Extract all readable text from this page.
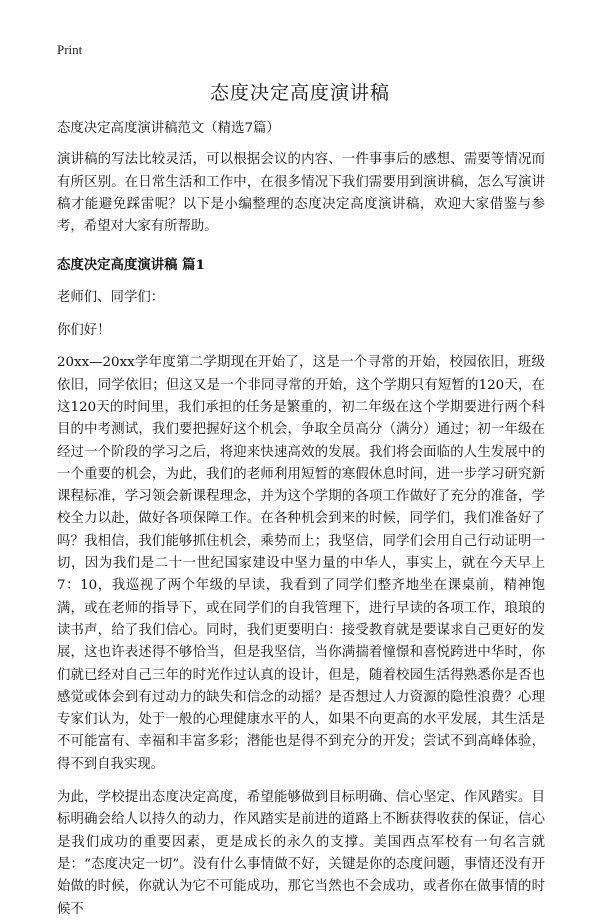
Print
态度决定高度演讲稿

态度决定高度演讲稿范文（精选7篇）

演讲稿的写法比较灵活，可以根据会议的内容、一件事事后的感想、需要等情况而有所区别。在日常生活和工作中，在很多情况下我们需要用到演讲稿，怎么写演讲稿才能避免踩雷呢？以下是小编整理的态度决定高度演讲稿，欢迎大家借鉴与参考，希望对大家有所帮助。

态度决定高度演讲稿 篇1

老师们、同学们：

你们好！

20xx—20xx学年度第二学期现在开始了，这是一个寻常的开始，校园依旧，班级依旧，同学依旧；但这又是一个非同寻常的开始，这个学期只有短暂的120天，在这120天的时间里，我们承担的任务是繁重的，初二年级在这个学期要进行两个科目的中考测试，我们要把握好这个机会，争取全员高分（满分）通过；初一年级在经过一个阶段的学习之后，将迎来快速高效的发展。我们将会面临的人生发展中的一个重要的机会，为此，我们的老师利用短暂的寒假休息时间，进一步学习研究新课程标准，学习领会新课程理念，并为这个学期的各项工作做好了充分的准备，学校全力以赴，做好各项保障工作。在各种机会到来的时候，同学们，我们准备好了吗？我相信，我们能够抓住机会，乘势而上；我坚信，同学们会用自己行动证明一切，因为我们是二十一世纪国家建设中坚力量的中华人，事实上，就在今天早上7：10，我巡视了两个年级的早读，我看到了同学们整齐地坐在课桌前，精神饱满，或在老师的指导下，或在同学们的自我管理下，进行早读的各项工作，琅琅的读书声，给了我们信心。同时，我们更要明白：接受教育就是要谋求自己更好的发展，这也许表述得不够恰当，但是我坚信，当你满揣着憧憬和喜悦跨进中华时，你们就已经对自己三年的时光作过认真的设计，但是，随着校园生活得熟悉你是否也感觉或体会到有过动力的缺失和信念的动摇？是否想过人力资源的隐性浪费？心理专家们认为，处于一般的心理健康水平的人，如果不向更高的水平发展，其生活是不可能富有、幸福和丰富多彩；潜能也是得不到充分的开发；尝试不到高峰体验，得不到自我实现。

为此，学校提出态度决定高度，希望能够做到目标明确、信心坚定、作风踏实。目标明确会给人以持久的动力，作风踏实是前进的道路上不断获得收获的保证，信心是我们成功的重要因素，更是成长的永久的支撑。美国西点军校有一句名言就是：“态度决定一切”。没有什么事情做不好，关键是你的态度问题，事情还没有开始做的时候，你就认为它不可能成功，那它当然也不会成功，或者你在做事情的时候不
